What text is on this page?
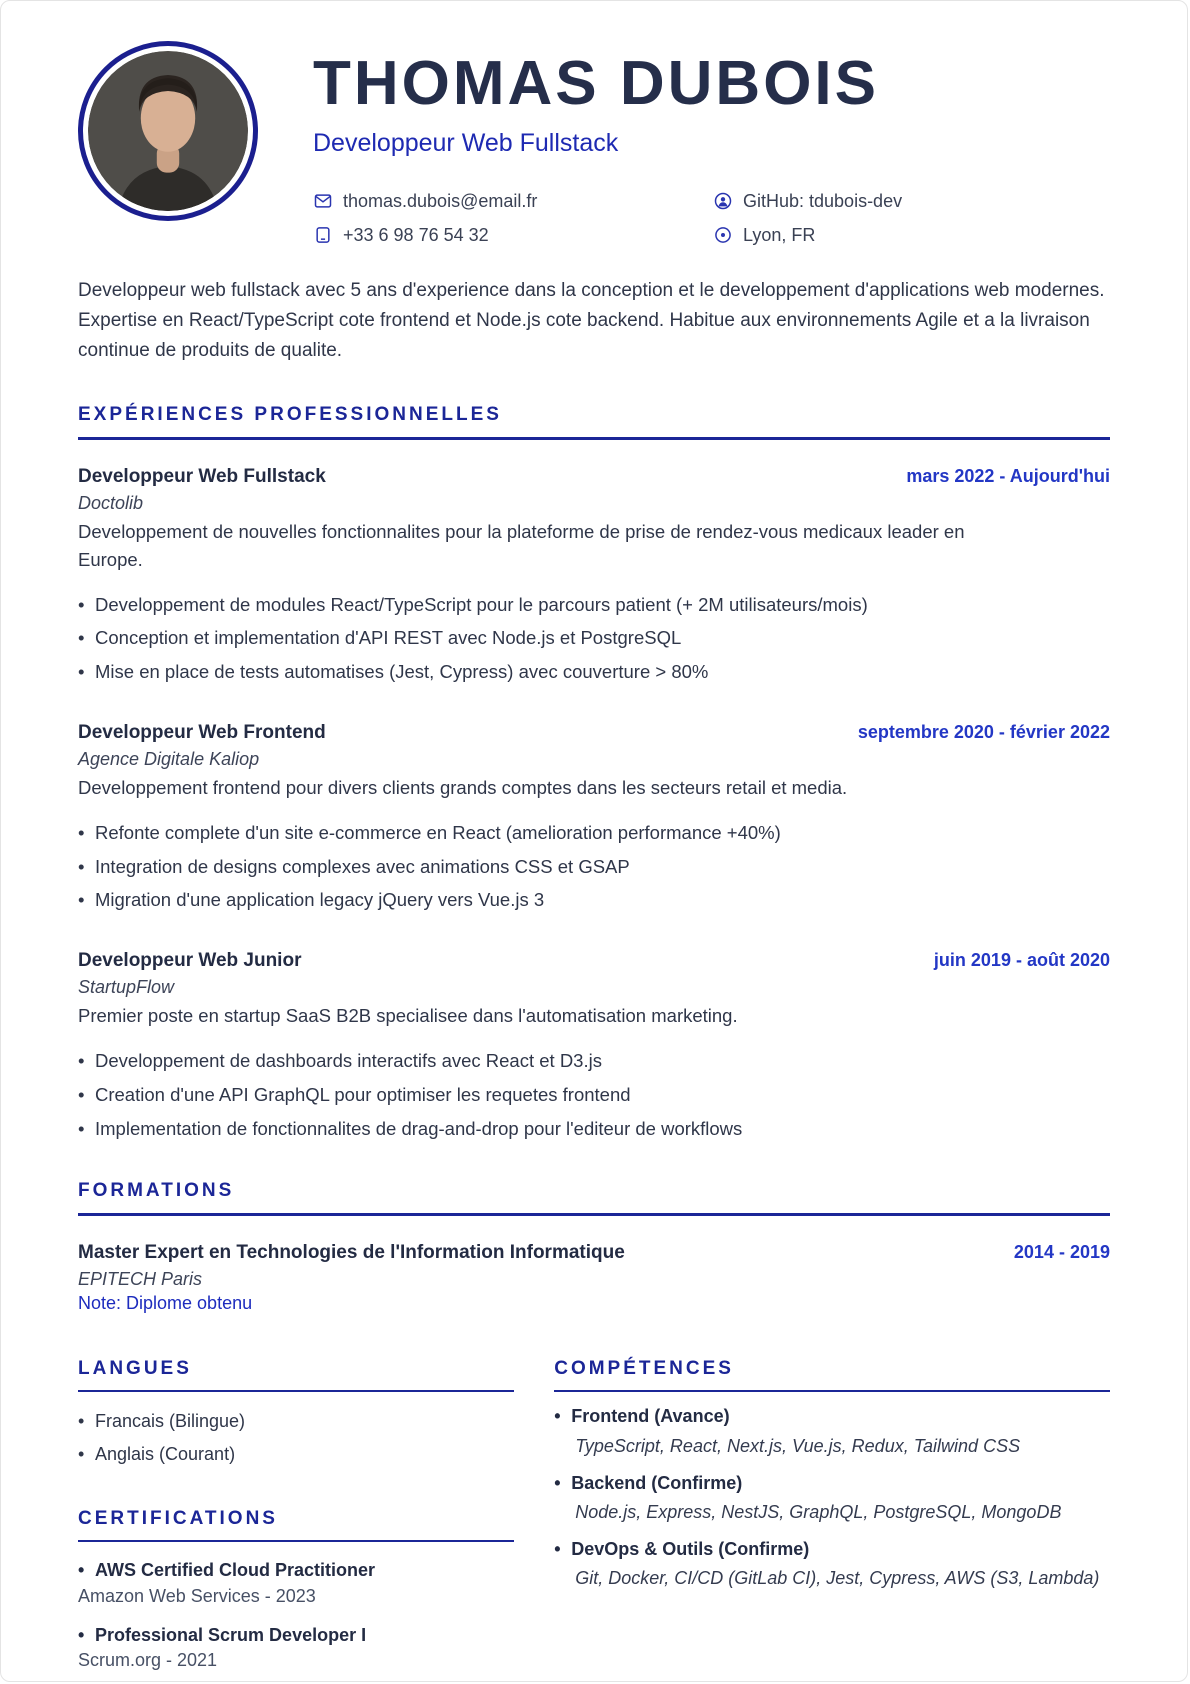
THOMAS DUBOIS
Developpeur Web Fullstack
thomas.dubois@email.fr	GitHub: tdubois-dev
+33 6 98 76 54 32	Lyon, FR

Developpeur web fullstack avec 5 ans d'experience dans la conception et le developpement d'applications web modernes. Expertise en React/TypeScript cote frontend et Node.js cote backend. Habitue aux environnements Agile et a la livraison continue de produits de qualite.

EXPÉRIENCES PROFESSIONNELLES
Developpeur Web Fullstack	mars 2022 - Aujourd'hui
Doctolib
Developpement de nouvelles fonctionnalites pour la plateforme de prise de rendez-vous medicaux leader en Europe.
• Developpement de modules React/TypeScript pour le parcours patient (+ 2M utilisateurs/mois)
• Conception et implementation d'API REST avec Node.js et PostgreSQL
• Mise en place de tests automatises (Jest, Cypress) avec couverture > 80%
Developpeur Web Frontend	septembre 2020 - février 2022
Agence Digitale Kaliop
Developpement frontend pour divers clients grands comptes dans les secteurs retail et media.
• Refonte complete d'un site e-commerce en React (amelioration performance +40%)
• Integration de designs complexes avec animations CSS et GSAP
• Migration d'une application legacy jQuery vers Vue.js 3
Developpeur Web Junior	juin 2019 - août 2020
StartupFlow
Premier poste en startup SaaS B2B specialisee dans l'automatisation marketing.
• Developpement de dashboards interactifs avec React et D3.js
• Creation d'une API GraphQL pour optimiser les requetes frontend
• Implementation de fonctionnalites de drag-and-drop pour l'editeur de workflows
FORMATIONS
Master Expert en Technologies de l'Information Informatique	2014 - 2019
EPITECH Paris
Note: Diplome obtenu
LANGUES
• Francais (Bilingue)
• Anglais (Courant)
CERTIFICATIONS
• AWS Certified Cloud Practitioner
Amazon Web Services - 2023
• Professional Scrum Developer I
Scrum.org - 2021
COMPÉTENCES
• Frontend (Avance)
TypeScript, React, Next.js, Vue.js, Redux, Tailwind CSS
• Backend (Confirme)
Node.js, Express, NestJS, GraphQL, PostgreSQL, MongoDB
• DevOps & Outils (Confirme)
Git, Docker, CI/CD (GitLab CI), Jest, Cypress, AWS (S3, Lambda)
